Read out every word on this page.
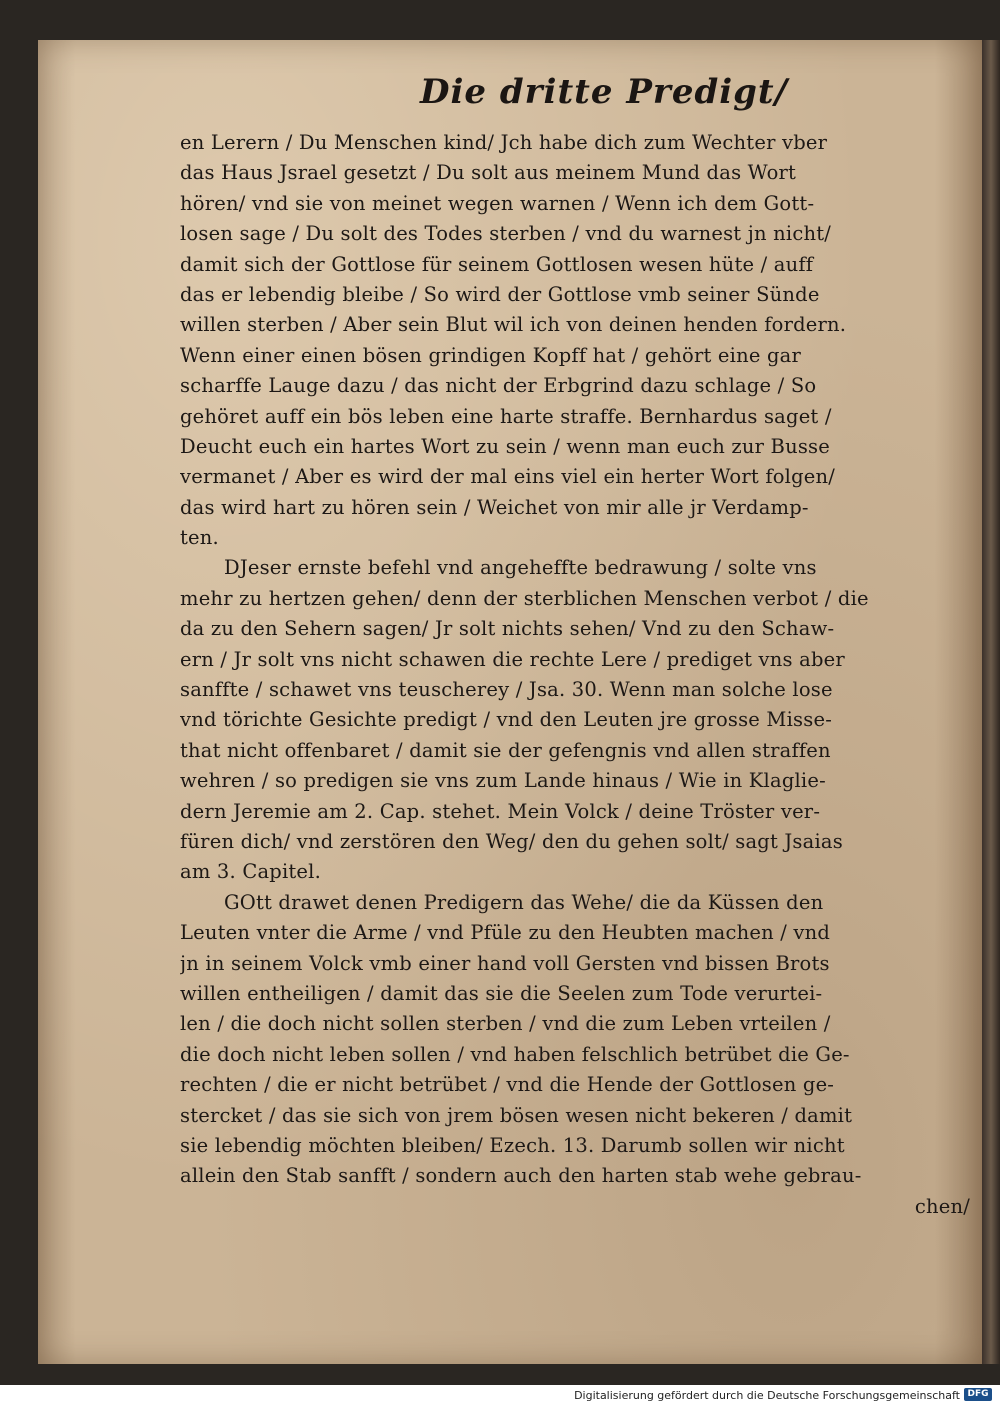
Die dritte Predigt/
en Lerern / Du Menschen kind/ Jch habe dich zum Wechter vber
das Haus Jsrael gesetzt / Du solt aus meinem Mund das Wort
hören/ vnd sie von meinet wegen warnen / Wenn ich dem Gott-
losen sage / Du solt des Todes sterben / vnd du warnest jn nicht/
damit sich der Gottlose für seinem Gottlosen wesen hüte / auff
das er lebendig bleibe / So wird der Gottlose vmb seiner Sünde
willen sterben / Aber sein Blut wil ich von deinen henden fordern.
Wenn einer einen bösen grindigen Kopff hat / gehört eine gar
scharffe Lauge dazu / das nicht der Erbgrind dazu schlage / So
gehöret auff ein bös leben eine harte straffe. Bernhardus saget /
Deucht euch ein hartes Wort zu sein / wenn man euch zur Busse
vermanet / Aber es wird der mal eins viel ein herter Wort folgen/
das wird hart zu hören sein / Weichet von mir alle jr Verdamp-
ten.
DJeser ernste befehl vnd angeheffte bedrawung / solte vns
mehr zu hertzen gehen/ denn der sterblichen Menschen verbot / die
da zu den Sehern sagen/ Jr solt nichts sehen/ Vnd zu den Schaw-
ern / Jr solt vns nicht schawen die rechte Lere / prediget vns aber
sanffte / schawet vns teuscherey / Jsa. 30. Wenn man solche lose
vnd törichte Gesichte predigt / vnd den Leuten jre grosse Misse-
that nicht offenbaret / damit sie der gefengnis vnd allen straffen
wehren / so predigen sie vns zum Lande hinaus / Wie in Klaglie-
dern Jeremie am 2. Cap. stehet. Mein Volck / deine Tröster ver-
füren dich/ vnd zerstören den Weg/ den du gehen solt/ sagt Jsaias
am 3. Capitel.
GOtt drawet denen Predigern das Wehe/ die da Küssen den
Leuten vnter die Arme / vnd Pfüle zu den Heubten machen / vnd
jn in seinem Volck vmb einer hand voll Gersten vnd bissen Brots
willen entheiligen / damit das sie die Seelen zum Tode verurtei-
len / die doch nicht sollen sterben / vnd die zum Leben vrteilen /
die doch nicht leben sollen / vnd haben felschlich betrübet die Ge-
rechten / die er nicht betrübet / vnd die Hende der Gottlosen ge-
stercket / das sie sich von jrem bösen wesen nicht bekeren / damit
sie lebendig möchten bleiben/ Ezech. 13. Darumb sollen wir nicht
allein den Stab sanfft / sondern auch den harten stab wehe gebrau-
chen/
Digitalisierung gefördert durch die Deutsche Forschungsgemeinschaft DFG
